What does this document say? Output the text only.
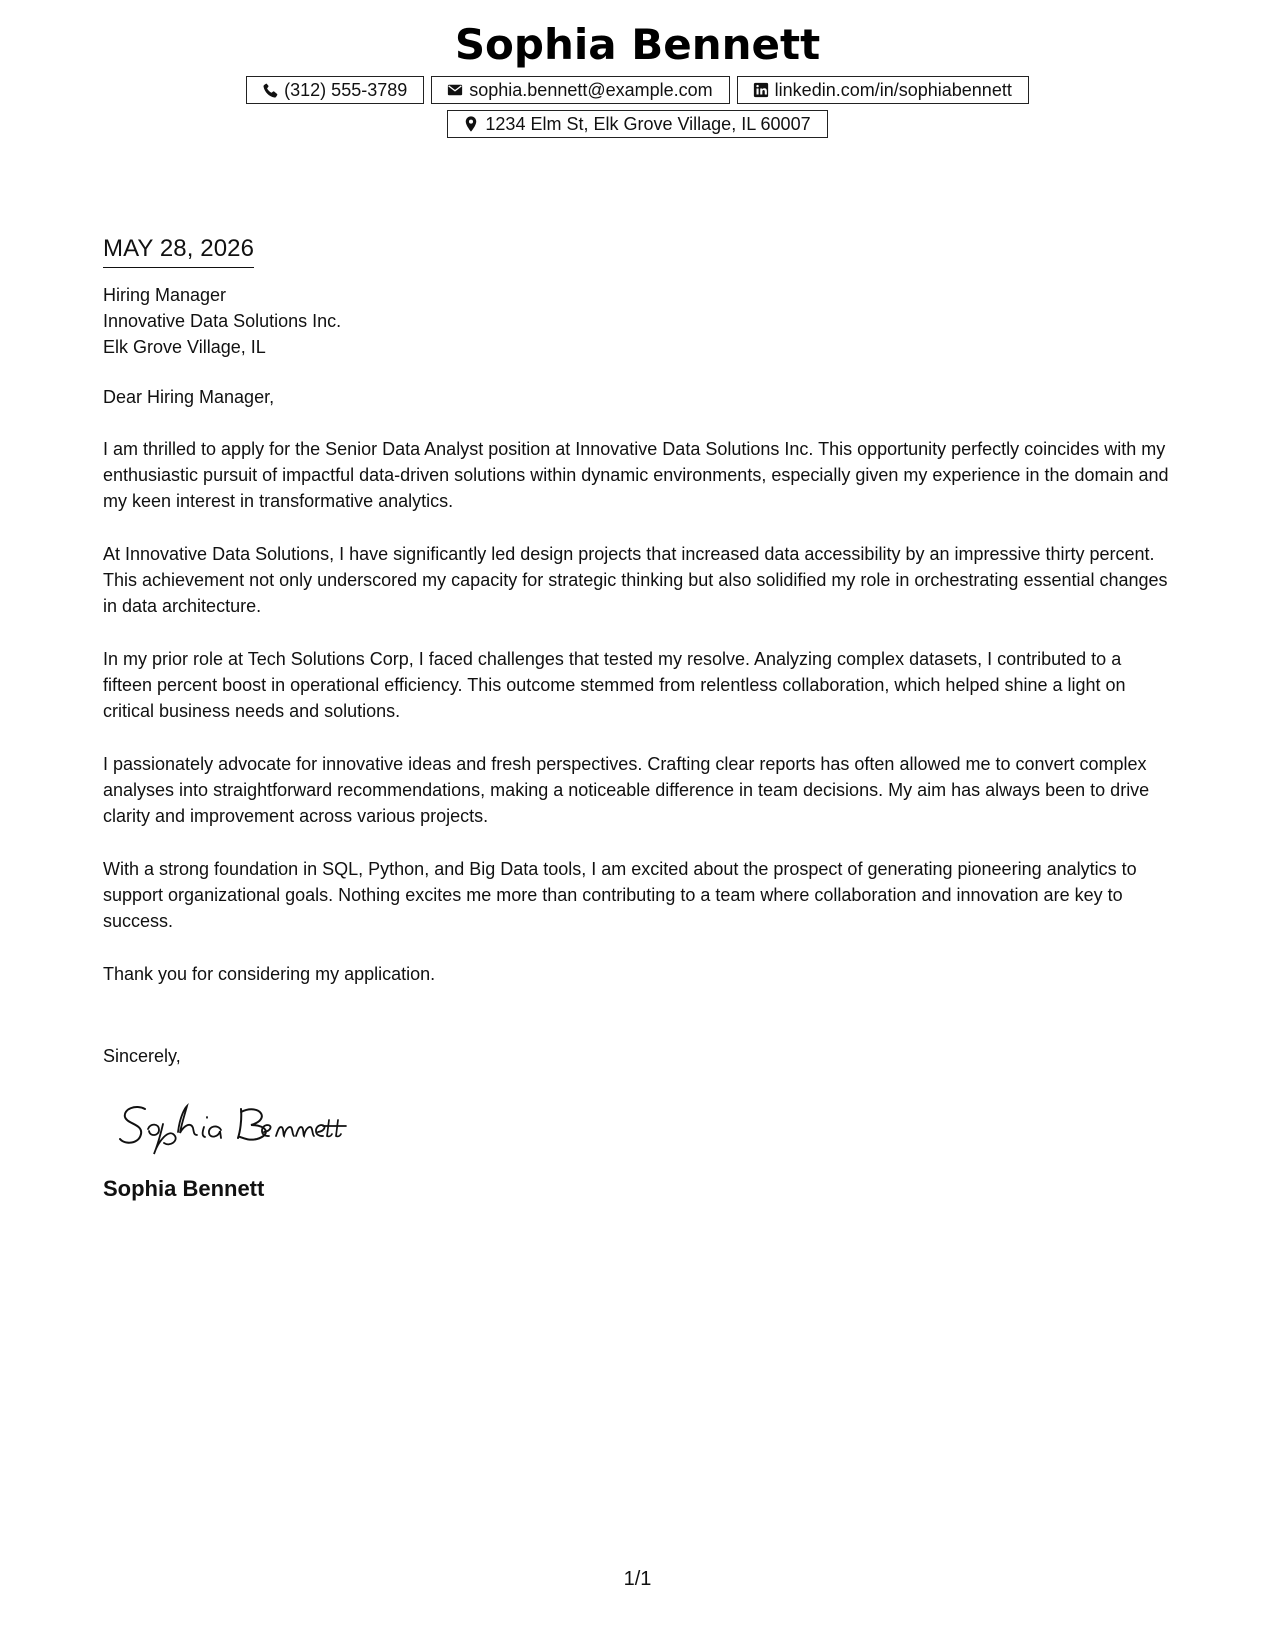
Sophia Bennett
(312) 555-3789	sophia.bennett@example.com	linkedin.com/in/sophiabennett
1234 Elm St, Elk Grove Village, IL 60007
MAY 28, 2026
Hiring Manager
Innovative Data Solutions Inc.
Elk Grove Village, IL

Dear Hiring Manager,

I am thrilled to apply for the Senior Data Analyst position at Innovative Data Solutions Inc. This opportunity perfectly coincides with my enthusiastic pursuit of impactful data-driven solutions within dynamic environments, especially given my experience in the domain and my keen interest in transformative analytics.

At Innovative Data Solutions, I have significantly led design projects that increased data accessibility by an impressive thirty percent. This achievement not only underscored my capacity for strategic thinking but also solidified my role in orchestrating essential changes in data architecture.

In my prior role at Tech Solutions Corp, I faced challenges that tested my resolve. Analyzing complex datasets, I contributed to a fifteen percent boost in operational efficiency. This outcome stemmed from relentless collaboration, which helped shine a light on critical business needs and solutions.

I passionately advocate for innovative ideas and fresh perspectives. Crafting clear reports has often allowed me to convert complex analyses into straightforward recommendations, making a noticeable difference in team decisions. My aim has always been to drive clarity and improvement across various projects.

With a strong foundation in SQL, Python, and Big Data tools, I am excited about the prospect of generating pioneering analytics to support organizational goals. Nothing excites me more than contributing to a team where collaboration and innovation are key to success.

Thank you for considering my application.

Sincerely,

Sophia Bennett
1/1
